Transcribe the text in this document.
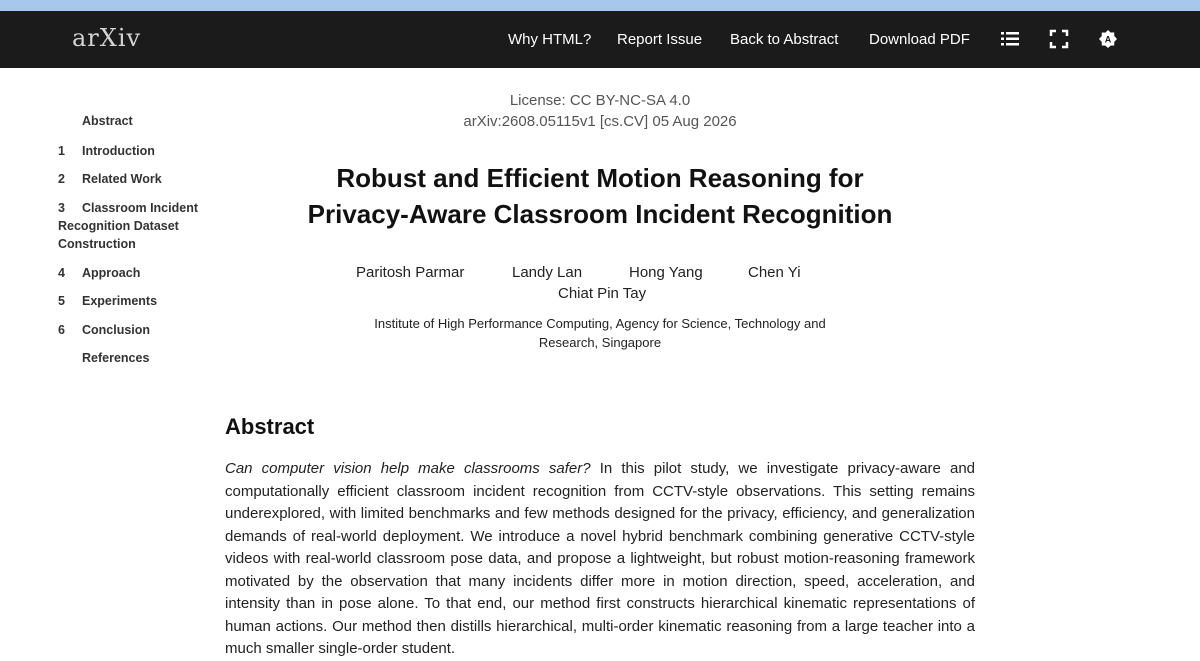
arXiv	Why HTML? Report Issue Back to Abstract Download PDF	A
Abstract
1 Introduction
2 Related Work
3 Classroom Incident Recognition Dataset Construction
4 Approach
5 Experiments
6 Conclusion
References
License: CC BY-NC-SA 4.0
arXiv:2608.05115v1 [cs.CV] 05 Aug 2026
Robust and Efficient Motion Reasoning for
Privacy-Aware Classroom Incident Recognition
Paritosh Parmar	Landy Lan	Hong Yang	Chen Yi
Chiat Pin Tay
Institute of High Performance Computing, Agency for Science, Technology and Research, Singapore
Abstract

Can computer vision help make classrooms safer? In this pilot study, we investigate privacy-aware and computationally efficient classroom incident recognition from CCTV-style observations. This setting remains underexplored, with limited benchmarks and few methods designed for the privacy, efficiency, and generalization demands of real-world deployment. We introduce a novel hybrid benchmark combining generative CCTV-style videos with real-world classroom pose data, and propose a lightweight, but robust motion-reasoning framework motivated by the observation that many incidents differ more in motion direction, speed, acceleration, and intensity than in pose alone. To that end, our method first constructs hierarchical kinematic representations of human actions. Our method then distills hierarchical, multi-order kinematic reasoning from a large teacher into a much smaller single-order student.
